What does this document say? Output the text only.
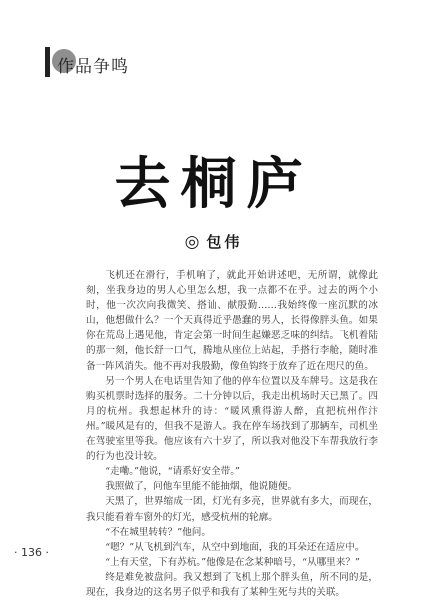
作品争鸣
去桐庐
◎ 包伟

飞机还在滑行，手机响了，就此开始讲述吧，无所谓，就像此刻，坐我身边的男人心里怎么想，我一点都不在乎。过去的两个小时，他一次次向我微笑、搭讪、献殷勤……我始终像一座沉默的冰山，他想做什么？一个天真得近乎愚蠢的男人，长得像胖头鱼。如果你在荒岛上遇见他，肯定会第一时间生起嫌恶乏味的纠结。飞机着陆的那一刻，他长舒一口气，腾地从座位上站起，手搭行李舱，随时准备一阵风消失。他不再对我殷勤，像鱼钩终于放弃了近在咫尺的鱼。

另一个男人在电话里告知了他的停车位置以及车牌号。这是我在购买机票时选择的服务。二十分钟以后，我走出机场时天已黑了。四月的杭州。我想起林升的诗：“暖风熏得游人醉，直把杭州作汴州。”暖风是有的，但我不是游人。我在停车场找到了那辆车，司机坐在驾驶室里等我。他应该有六十岁了，所以我对他没下车帮我放行李的行为也没计较。

“走嘞。”他说，“请系好安全带。”

我照做了，问他车里能不能抽烟，他说随便。

天黑了，世界缩成一团，灯光有多亮，世界就有多大，而现在，我只能看着车窗外的灯光，感受杭州的轮廓。

“不在城里转转？”他问。

“嗯？”从飞机到汽车，从空中到地面，我的耳朵还在适应中。

“上有天堂，下有苏杭。”他像是在念某种暗号，“从哪里来？”

终是难免被盘问。我又想到了飞机上那个胖头鱼，所不同的是，现在，我身边的这名男子似乎和我有了某种生死与共的关联。

· 136 ·
